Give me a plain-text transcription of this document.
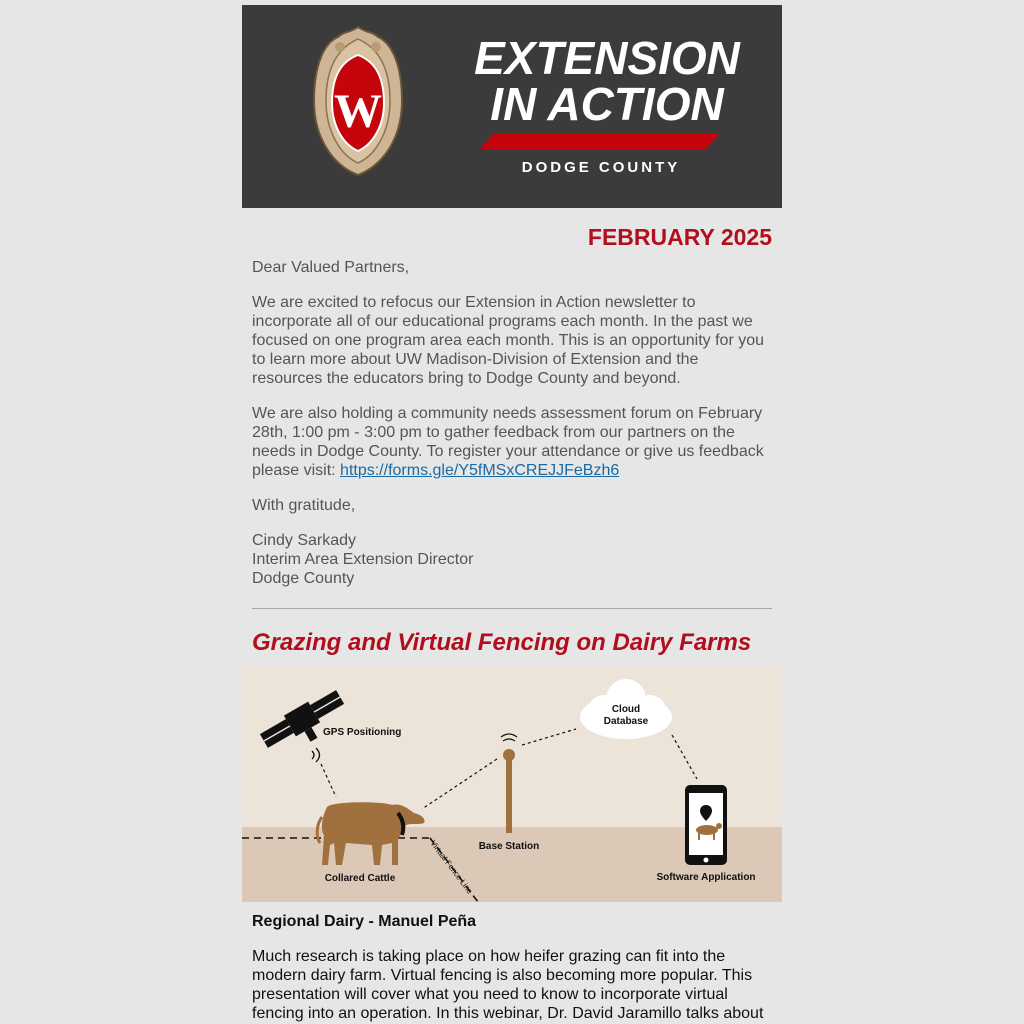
W
EXTENSION
IN ACTION
DODGE COUNTY
FEBRUARY 2025

Dear Valued Partners,

We are excited to refocus our Extension in Action newsletter to incorporate all of our educational programs each month. In the past we focused on one program area each month. This is an opportunity for you to learn more about UW Madison-Division of Extension and the resources the educators bring to Dodge County and beyond.

We are also holding a community needs assessment forum on February 28th, 1:00 pm - 3:00 pm to gather feedback from our partners on the needs in Dodge County. To register your attendance or give us feedback please visit: https://forms.gle/Y5fMSxCREJJFeBzh6

With gratitude,

Cindy Sarkady
Interim Area Extension Director
Dodge County

Grazing and Virtual Fencing on Dairy Farms
GPS Positioning
Cloud
Database
Base Station
Software Application
Virtual Fence Line
Collared Cattle
Regional Dairy - Manuel Peña

Much research is taking place on how heifer grazing can fit into the modern dairy farm. Virtual fencing is also becoming more popular. This presentation will cover what you need to know to incorporate virtual fencing into an operation. In this webinar, Dr. David Jaramillo talks about
